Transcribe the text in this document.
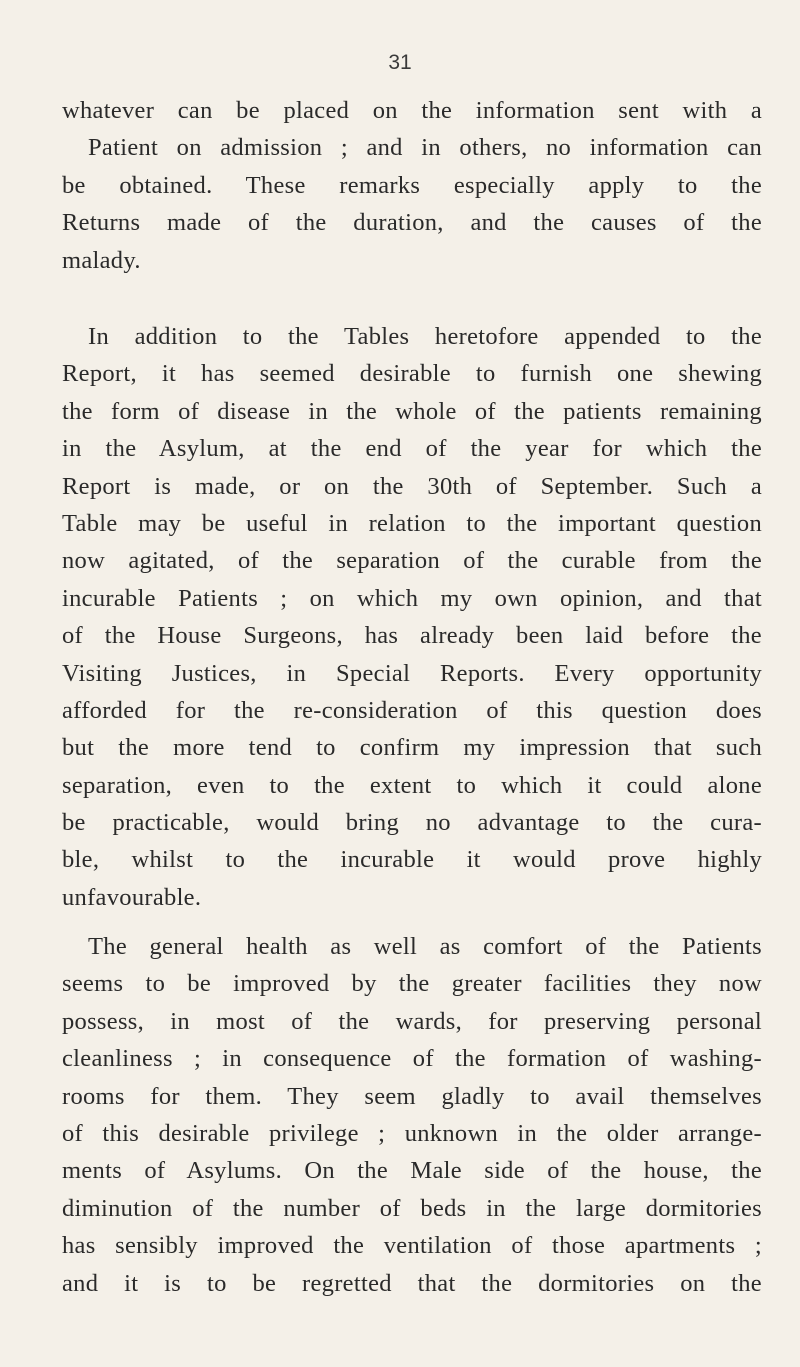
31
whatever can be placed on the information sent with a
Patient on admission ; and in others, no information can
be obtained. These remarks especially apply to the
Returns made of the duration, and the causes of the
malady.
In addition to the Tables heretofore appended to the
Report, it has seemed desirable to furnish one shewing
the form of disease in the whole of the patients remaining
in the Asylum, at the end of the year for which the
Report is made, or on the 30th of September. Such a
Table may be useful in relation to the important question
now agitated, of the separation of the curable from the
incurable Patients ; on which my own opinion, and that
of the House Surgeons, has already been laid before the
Visiting Justices, in Special Reports. Every opportunity
afforded for the re-consideration of this question does
but the more tend to confirm my impression that such
separation, even to the extent to which it could alone
be practicable, would bring no advantage to the cura-
ble, whilst to the incurable it would prove highly
unfavourable.
The general health as well as comfort of the Patients
seems to be improved by the greater facilities they now
possess, in most of the wards, for preserving personal
cleanliness ; in consequence of the formation of washing-
rooms for them. They seem gladly to avail themselves
of this desirable privilege ; unknown in the older arrange-
ments of Asylums. On the Male side of the house, the
diminution of the number of beds in the large dormitories
has sensibly improved the ventilation of those apartments ;
and it is to be regretted that the dormitories on the
